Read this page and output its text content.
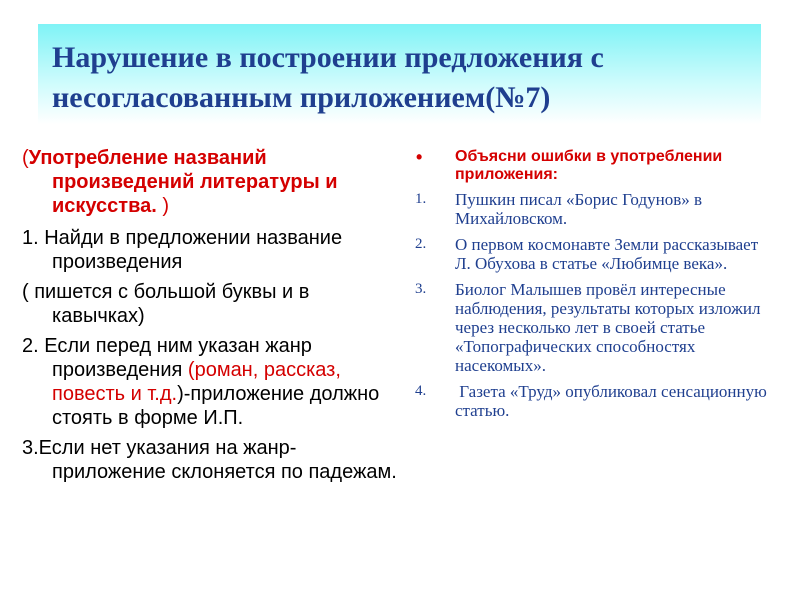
Нарушение в построении предложения с
несогласованным приложением(№7)
(Употребление названий произведений литературы и искусства. )
1. Найди в предложении название произведения
( пишется с большой буквы и в кавычках)
2. Если перед ним указан жанр произведения (роман, рассказ, повесть и т.д.)-приложение должно стоять в форме И.П.
3.Если нет указания на жанр-приложение склоняется по падежам.
• Объясни ошибки в употреблении приложения:
1. Пушкин писал «Борис Годунов» в Михайловском.
2. О первом космонавте Земли рассказывает     Л. Обухова в статье «Любимце века».
3. Биолог Малышев провёл интересные наблюдения, результаты которых изложил через несколько лет в своей статье «Топографических способностях насекомых».
4. Газета «Труд» опубликовал сенсационную статью.
